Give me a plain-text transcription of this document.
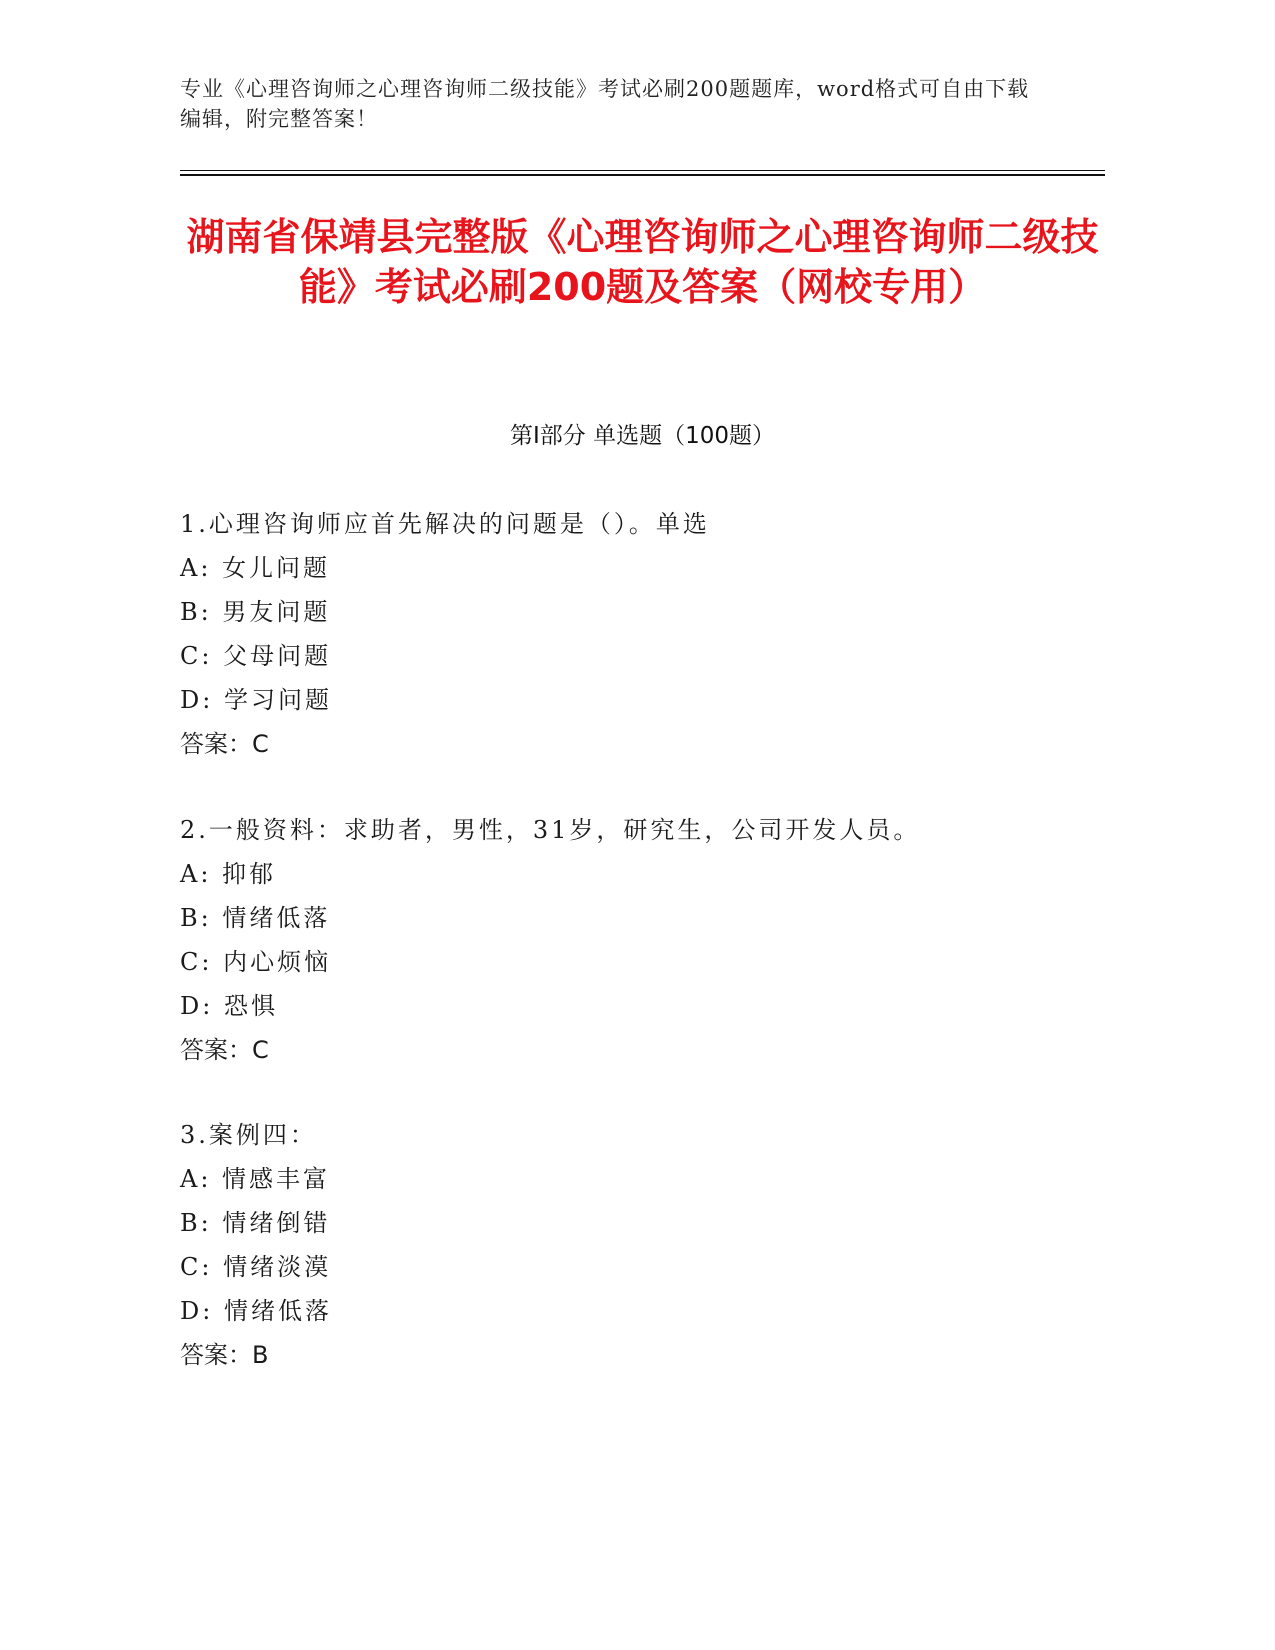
专业《心理咨询师之心理咨询师二级技能》考试必刷200题题库，word格式可自由下载编辑，附完整答案！
湖南省保靖县完整版《心理咨询师之心理咨询师二级技能》考试必刷200题及答案（网校专用）
第Ⅰ部分 单选题（100题）
1.心理咨询师应首先解决的问题是（）。单选
A: 女儿问题
B: 男友问题
C: 父母问题
D: 学习问题
答案：C
2.一般资料：求助者，男性，31岁，研究生，公司开发人员。
A: 抑郁
B: 情绪低落
C: 内心烦恼
D: 恐惧
答案：C
3.案例四：
A: 情感丰富
B: 情绪倒错
C: 情绪淡漠
D: 情绪低落
答案：B
